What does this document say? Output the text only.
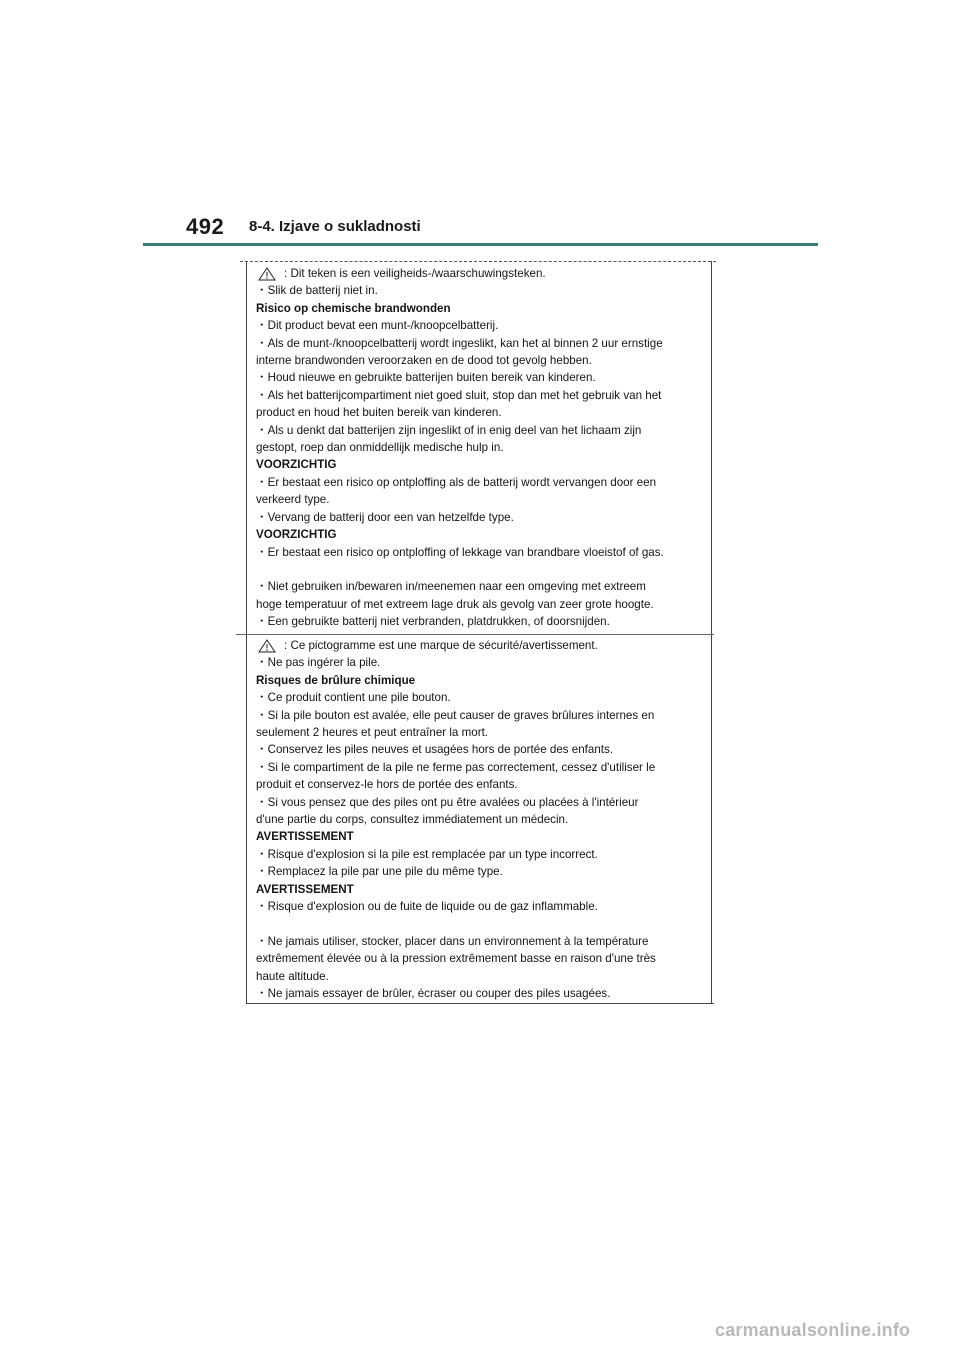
492 8-4. Izjave o sukladnosti
: Dit teken is een veiligheids-/waarschuwingsteken.
・Slik de batterij niet in.
Risico op chemische brandwonden
・Dit product bevat een munt-/knoopcelbatterij.
・Als de munt-/knoopcelbatterij wordt ingeslikt, kan het al binnen 2 uur ernstige
interne brandwonden veroorzaken en de dood tot gevolg hebben.
・Houd nieuwe en gebruikte batterijen buiten bereik van kinderen.
・Als het batterijcompartiment niet goed sluit, stop dan met het gebruik van het
product en houd het buiten bereik van kinderen.
・Als u denkt dat batterijen zijn ingeslikt of in enig deel van het lichaam zijn
gestopt, roep dan onmiddellijk medische hulp in.
VOORZICHTIG
・Er bestaat een risico op ontploffing als de batterij wordt vervangen door een
verkeerd type.
・Vervang de batterij door een van hetzelfde type.
VOORZICHTIG
・Er bestaat een risico op ontploffing of lekkage van brandbare vloeistof of gas.
・Niet gebruiken in/bewaren in/meenemen naar een omgeving met extreem
hoge temperatuur of met extreem lage druk als gevolg van zeer grote hoogte.
・Een gebruikte batterij niet verbranden, platdrukken, of doorsnijden.
: Ce pictogramme est une marque de sécurité/avertissement.
・Ne pas ingérer la pile.
Risques de brûlure chimique
・Ce produit contient une pile bouton.
・Si la pile bouton est avalée, elle peut causer de graves brûlures internes en
seulement 2 heures et peut entraîner la mort.
・Conservez les piles neuves et usagées hors de portée des enfants.
・Si le compartiment de la pile ne ferme pas correctement, cessez d'utiliser le
produit et conservez-le hors de portée des enfants.
・Si vous pensez que des piles ont pu être avalées ou placées à l'intérieur
d'une partie du corps, consultez immédiatement un médecin.
AVERTISSEMENT
・Risque d'explosion si la pile est remplacée par un type incorrect.
・Remplacez la pile par une pile du même type.
AVERTISSEMENT
・Risque d'explosion ou de fuite de liquide ou de gaz inflammable.
・Ne jamais utiliser, stocker, placer dans un environnement à la température
extrêmement élevée ou à la pression extrêmement basse en raison d'une très
haute altitude.
・Ne jamais essayer de brûler, écraser ou couper des piles usagées.
carmanualsonline.info
